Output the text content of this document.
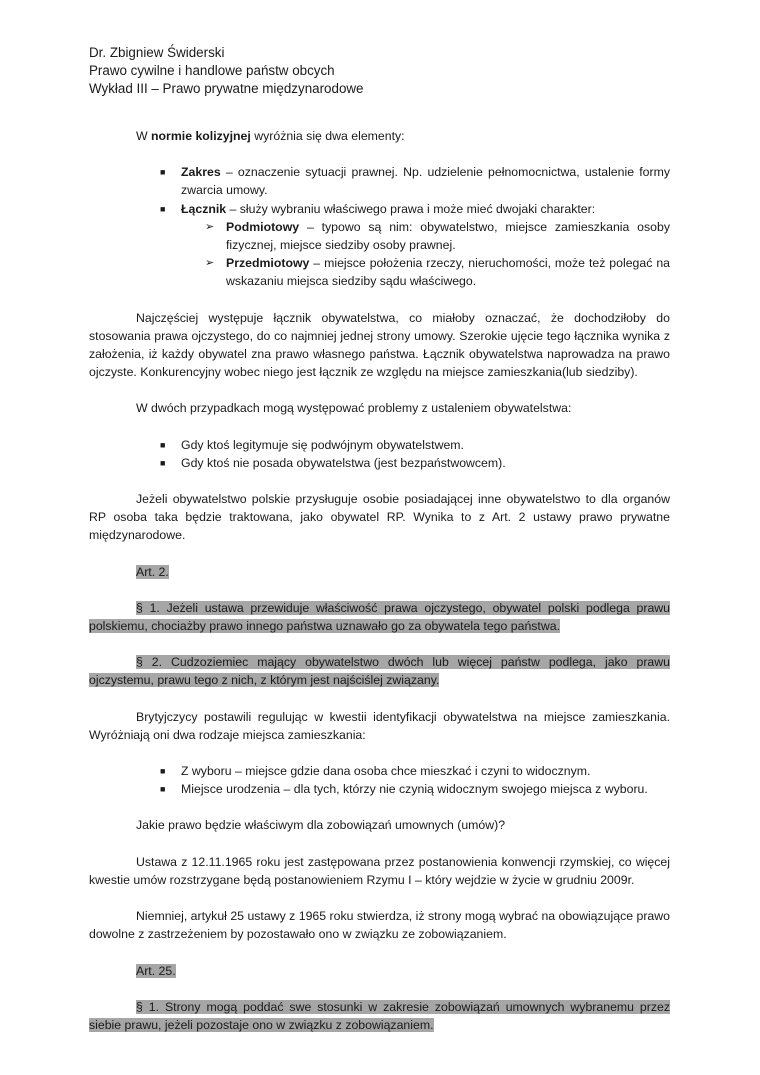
Dr. Zbigniew Świderski
Prawo cywilne i handlowe państw obcych
Wykład III – Prawo prywatne międzynarodowe

W normie kolizyjnej wyróżnia się dwa elementy:

■ Zakres – oznaczenie sytuacji prawnej. Np. udzielenie pełnomocnictwa, ustalenie formy zwarcia umowy.
■ Łącznik – służy wybraniu właściwego prawa i może mieć dwojaki charakter:
➢ Podmiotowy – typowo są nim: obywatelstwo, miejsce zamieszkania osoby fizycznej, miejsce siedziby osoby prawnej.
➢ Przedmiotowy – miejsce położenia rzeczy, nieruchomości, może też polegać na wskazaniu miejsca siedziby sądu właściwego.

Najczęściej występuje łącznik obywatelstwa, co miałoby oznaczać, że dochodziłoby do stosowania prawa ojczystego, do co najmniej jednej strony umowy. Szerokie ujęcie tego łącznika wynika z założenia, iż każdy obywatel zna prawo własnego państwa. Łącznik obywatelstwa naprowadza na prawo ojczyste. Konkurencyjny wobec niego jest łącznik ze względu na miejsce zamieszkania(lub siedziby).

W dwóch przypadkach mogą występować problemy z ustaleniem obywatelstwa:

■ Gdy ktoś legitymuje się podwójnym obywatelstwem.
■ Gdy ktoś nie posada obywatelstwa (jest bezpaństwowcem).

Jeżeli obywatelstwo polskie przysługuje osobie posiadającej inne obywatelstwo to dla organów RP osoba taka będzie traktowana, jako obywatel RP. Wynika to z Art. 2 ustawy prawo prywatne międzynarodowe.

Art. 2.

§ 1. Jeżeli ustawa przewiduje właściwość prawa ojczystego, obywatel polski podlega prawu polskiemu, chociażby prawo innego państwa uznawało go za obywatela tego państwa.

§ 2. Cudzoziemiec mający obywatelstwo dwóch lub więcej państw podlega, jako prawu ojczystemu, prawu tego z nich, z którym jest najściślej związany.

Brytyjczycy postawili regulując w kwestii identyfikacji obywatelstwa na miejsce zamieszkania. Wyróżniają oni dwa rodzaje miejsca zamieszkania:

■ Z wyboru – miejsce gdzie dana osoba chce mieszkać i czyni to widocznym.
■ Miejsce urodzenia – dla tych, którzy nie czynią widocznym swojego miejsca z wyboru.

Jakie prawo będzie właściwym dla zobowiązań umownych (umów)?

Ustawa z 12.11.1965 roku jest zastępowana przez postanowienia konwencji rzymskiej, co więcej kwestie umów rozstrzygane będą postanowieniem Rzymu I – który wejdzie w życie w grudniu 2009r.

Niemniej, artykuł 25 ustawy z 1965 roku stwierdza, iż strony mogą wybrać na obowiązujące prawo dowolne z zastrzeżeniem by pozostawało ono w związku ze zobowiązaniem.

Art. 25.

§ 1. Strony mogą poddać swe stosunki w zakresie zobowiązań umownych wybranemu przez siebie prawu, jeżeli pozostaje ono w związku z zobowiązaniem.
